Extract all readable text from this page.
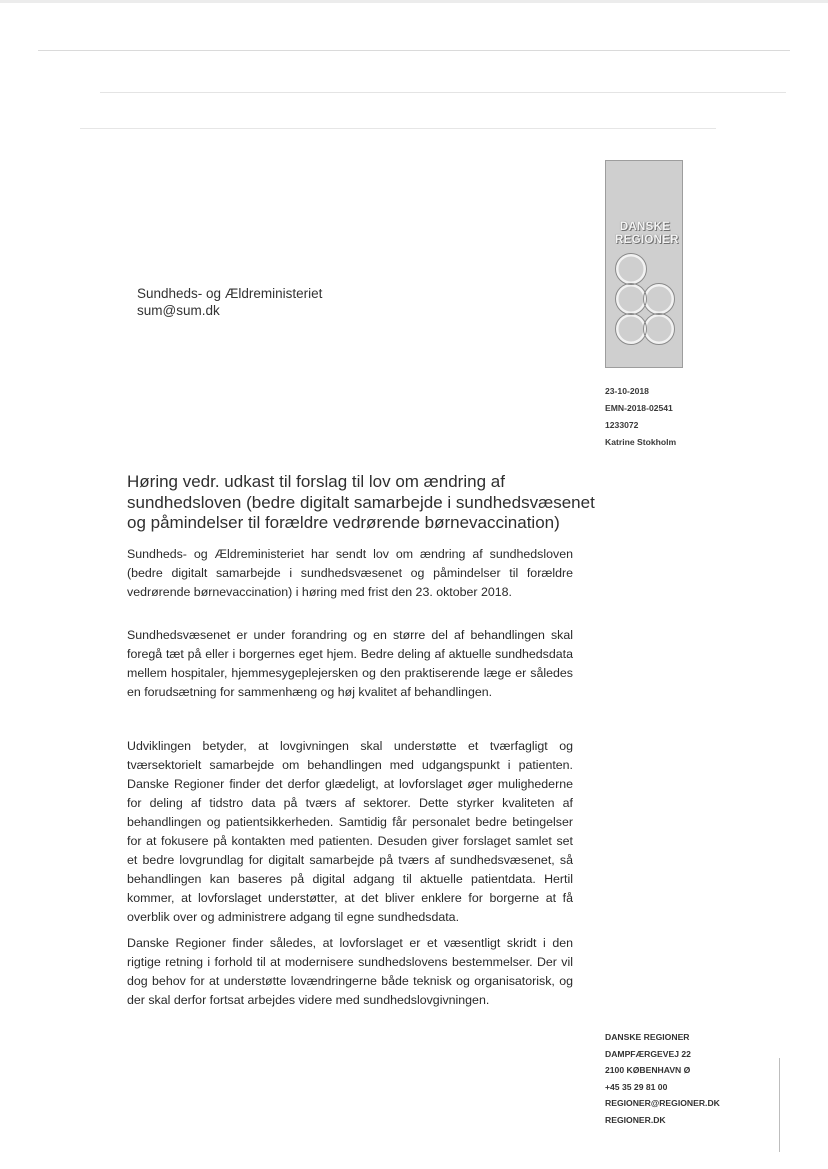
Sundheds- og Ældreministeriet
sum@sum.dk
DANSKE
REGIONER
23-10-2018
EMN-2018-02541
1233072
Katrine Stokholm
Høring vedr. udkast til forslag til lov om ændring af sundhedsloven (bedre digitalt samarbejde i sundhedsvæsenet og påmindelser til forældre vedrørende børnevaccination)

Sundheds- og Ældreministeriet har sendt lov om ændring af sundhedsloven (bedre digitalt samarbejde i sundhedsvæsenet og påmindelser til forældre vedrørende børnevaccination) i høring med frist den 23. oktober 2018.

Sundhedsvæsenet er under forandring og en større del af behandlingen skal foregå tæt på eller i borgernes eget hjem. Bedre deling af aktuelle sundhedsdata mellem hospitaler, hjemmesygeplejersken og den praktiserende læge er således en forudsætning for sammenhæng og høj kvalitet af behandlingen.

Udviklingen betyder, at lovgivningen skal understøtte et tværfagligt og tværsektorielt samarbejde om behandlingen med udgangspunkt i patienten. Danske Regioner finder det derfor glædeligt, at lovforslaget øger mulighederne for deling af tidstro data på tværs af sektorer. Dette styrker kvaliteten af behandlingen og patientsikkerheden. Samtidig får personalet bedre betingelser for at fokusere på kontakten med patienten. Desuden giver forslaget samlet set et bedre lovgrundlag for digitalt samarbejde på tværs af sundhedsvæsenet, så behandlingen kan baseres på digital adgang til aktuelle patientdata. Hertil kommer, at lovforslaget understøtter, at det bliver enklere for borgerne at få overblik over og administrere adgang til egne sundhedsdata.

Danske Regioner finder således, at lovforslaget er et væsentligt skridt i den rigtige retning i forhold til at modernisere sundhedslovens bestemmelser. Der vil dog behov for at understøtte lovændringerne både teknisk og organisatorisk, og der skal derfor fortsat arbejdes videre med sundhedslovgivningen.

DANSKE REGIONER
DAMPFÆRGEVEJ 22
2100 KØBENHAVN Ø
+45 35 29 81 00
REGIONER@REGIONER.DK
REGIONER.DK
